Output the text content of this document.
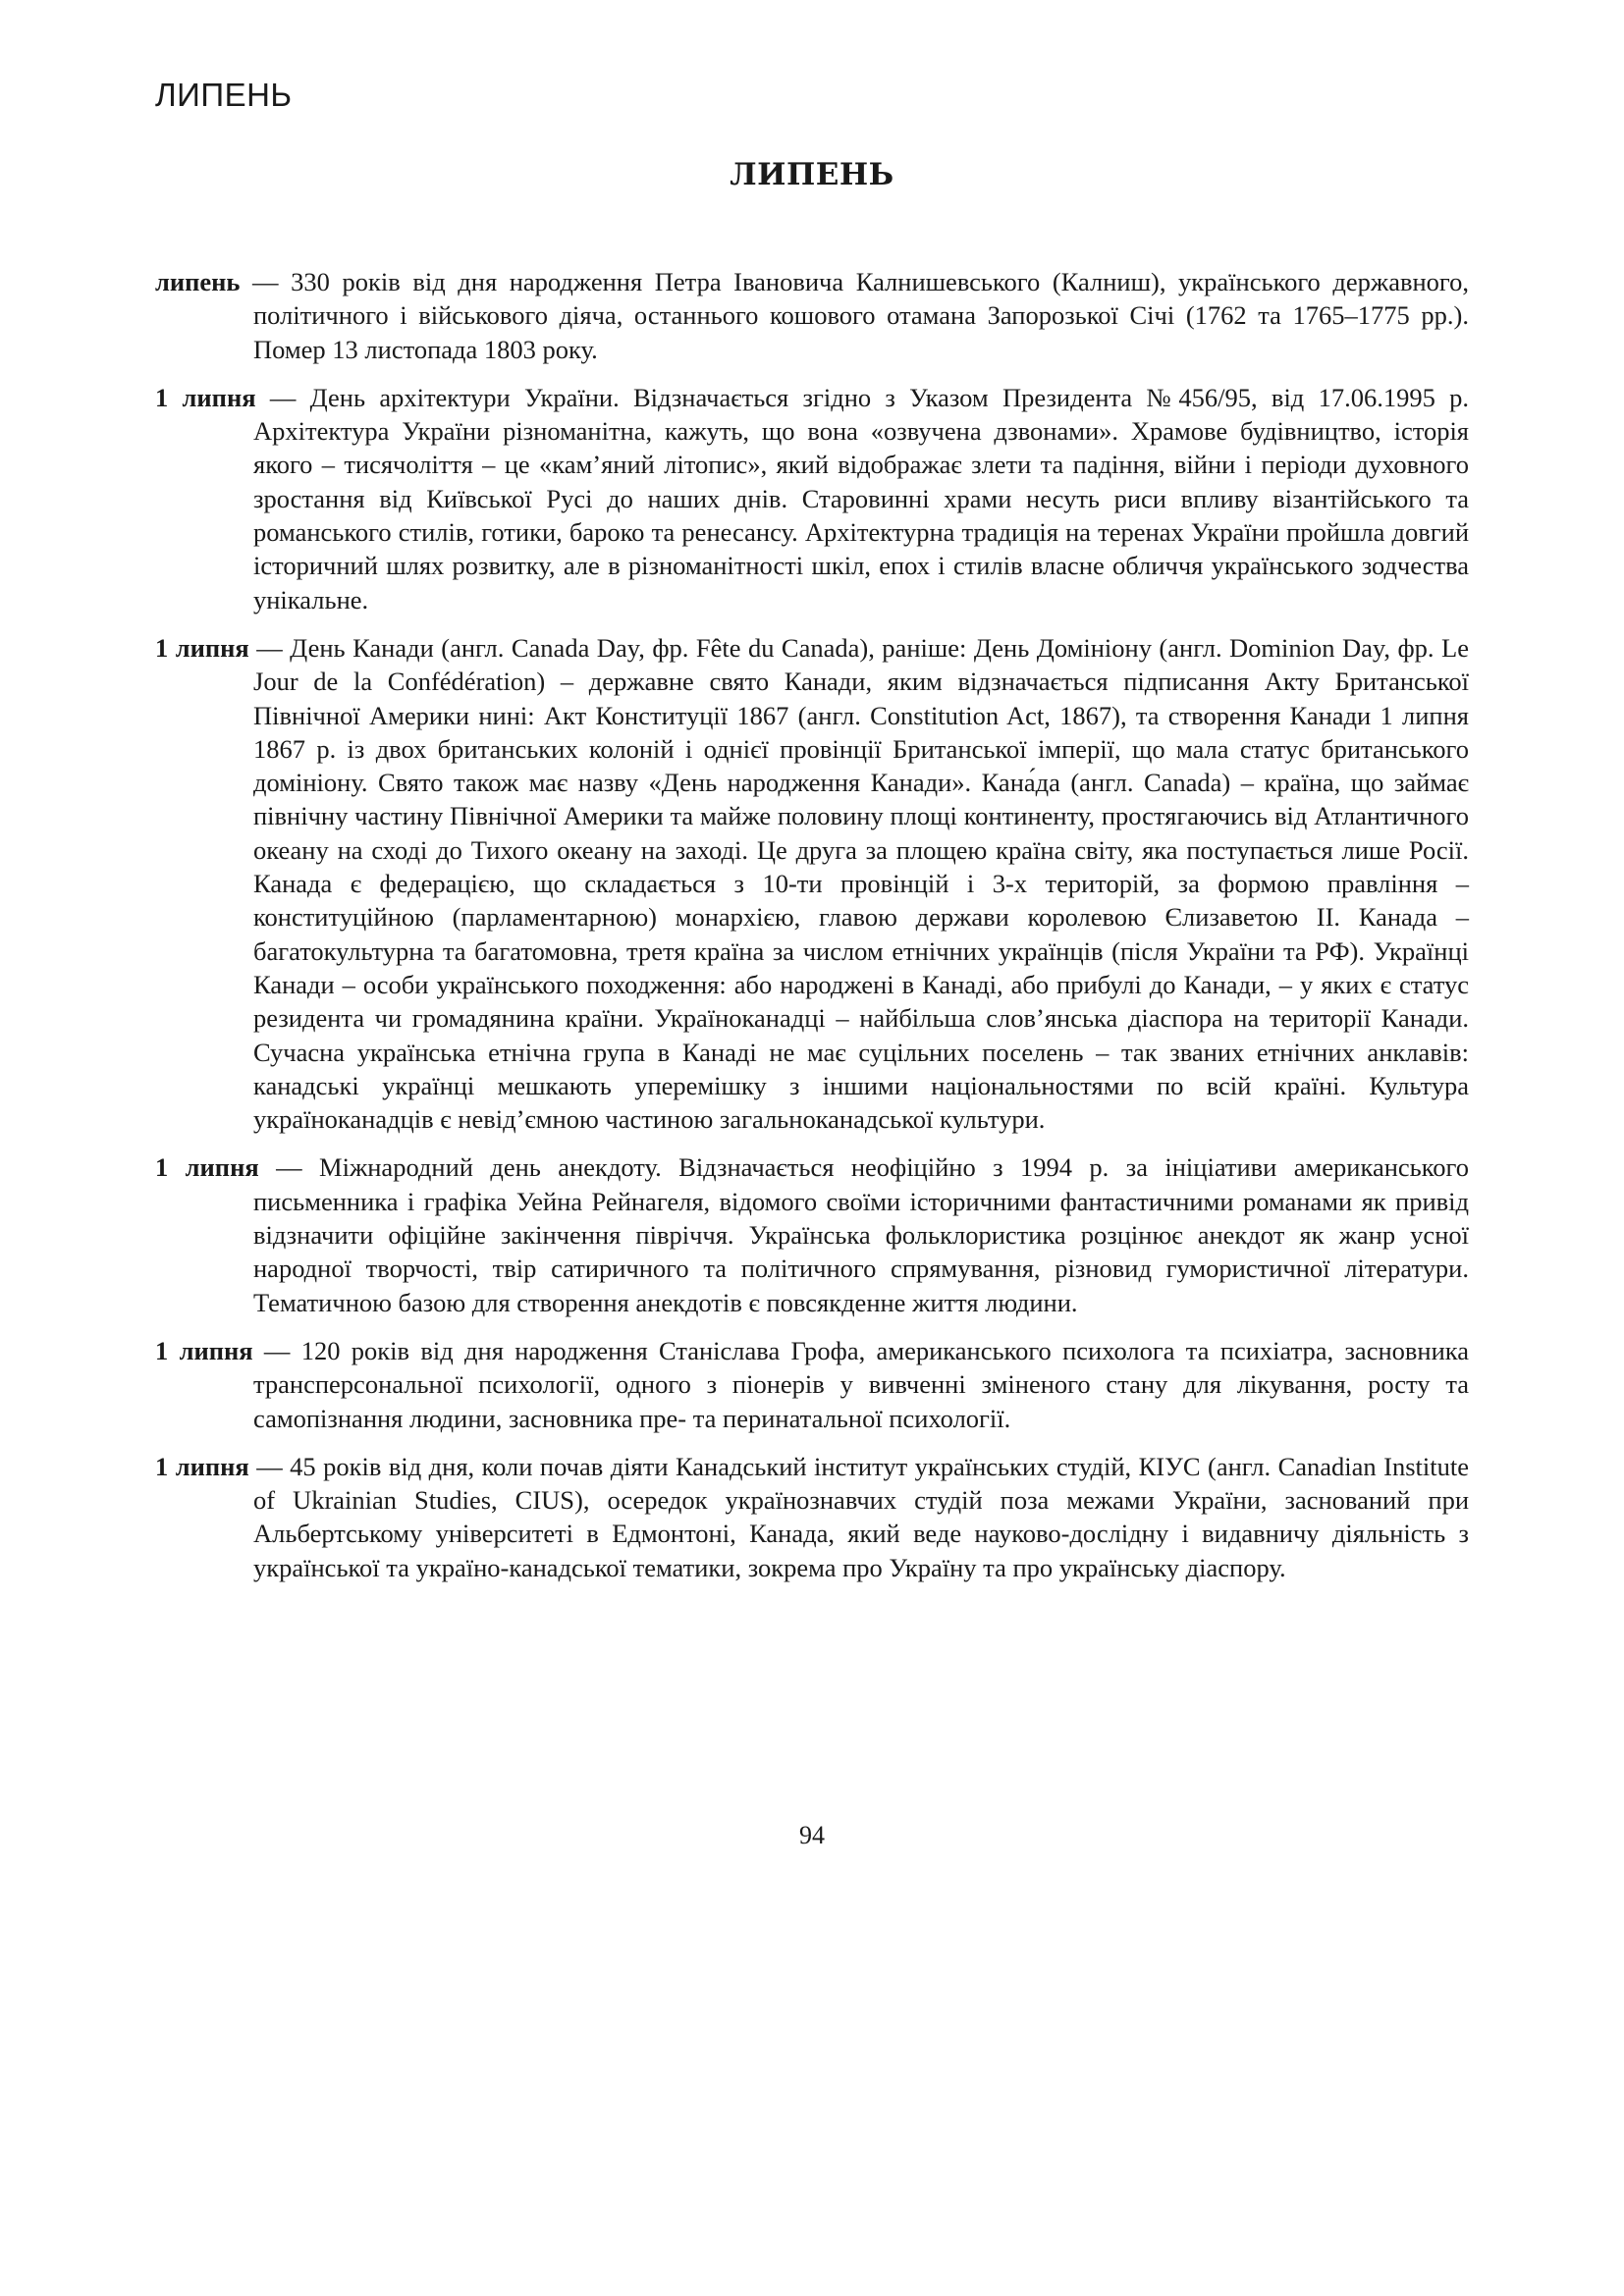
ЛИПЕНЬ
ЛИПЕНЬ

липень — 330 років від дня народження Петра Івановича Калнишевського (Калниш), українського державного, політичного і військового діяча, останнього кошового отамана Запорозької Січі (1762 та 1765–1775 рр.). Помер 13 листопада 1803 року.

1 липня — День архітектури України. Відзначається згідно з Указом Президента №456/95, від 17.06.1995 р. Архітектура України різноманітна, кажуть, що вона «озвучена дзвонами». Храмове будівництво, історія якого – тисячоліття – це «кам’яний літопис», який відображає злети та падіння, війни і періоди духовного зростання від Київської Русі до наших днів. Старовинні храми несуть риси впливу візантійського та романського стилів, готики, бароко та ренесансу. Архітектурна традиція на теренах України пройшла довгий історичний шлях розвитку, але в різноманітності шкіл, епох і стилів власне обличчя українського зодчества унікальне.

1 липня — День Канади (англ. Canada Day, фр. Fête du Canada), раніше: День Домініону (англ. Dominion Day, фр. Le Jour de la Confédération) – державне свято Канади, яким відзначається підписання Акту Британської Північної Америки нині: Акт Конституції 1867 (англ. Constitution Act, 1867), та створення Канади 1 липня 1867 р. із двох британських колоній і однієї провінції Британської імперії, що мала статус британського домініону. Свято також має назву «День народження Канади». Кана́да (англ. Canada) – країна, що займає північну частину Північної Америки та майже половину площі континенту, простягаючись від Атлантичного океану на сході до Тихого океану на заході. Це друга за площею країна світу, яка поступається лише Росії. Канада є федерацією, що складається з 10-ти провінцій і 3-х територій, за формою правління – конституційною (парламентарною) монархією, главою держави королевою Єлизаветою II. Канада – багатокультурна та багатомовна, третя країна за числом етнічних українців (після України та РФ). Українці Канади – особи українського походження: або народжені в Канаді, або прибулі до Канади, – у яких є статус резидента чи громадянина країни. Україноканадці – найбільша слов’янська діаспора на території Канади. Сучасна українська етнічна група в Канаді не має суцільних поселень – так званих етнічних анклавів: канадські українці мешкають уперемішку з іншими національностями по всій країні. Культура україноканадців є невід’ємною частиною загальноканадської культури.

1 липня — Міжнародний день анекдоту. Відзначається неофіційно з 1994 р. за ініціативи американського письменника і графіка Уейна Рейнагеля, відомого своїми історичними фантастичними романами як привід відзначити офіційне закінчення півріччя. Українська фольклористика розцінює анекдот як жанр усної народної творчості, твір сатиричного та політичного спрямування, різновид гумористичної літератури. Тематичною базою для створення анекдотів є повсякденне життя людини.

1 липня — 120 років від дня народження Станіслава Грофа, американського психолога та психіатра, засновника трансперсональної психології, одного з піонерів у вивченні зміненого стану для лікування, росту та самопізнання людини, засновника пре- та перинатальної психології.

1 липня — 45 років від дня, коли почав діяти Канадський інститут українських студій, КІУС (англ. Canadian Institute of Ukrainian Studies, CIUS), осередок українознавчих студій поза межами України, заснований при Альбертському університеті в Едмонтоні, Канада, який веде науково-дослідну і видавничу діяльність з української та україно-канадської тематики, зокрема про Україну та про українську діаспору.

94
